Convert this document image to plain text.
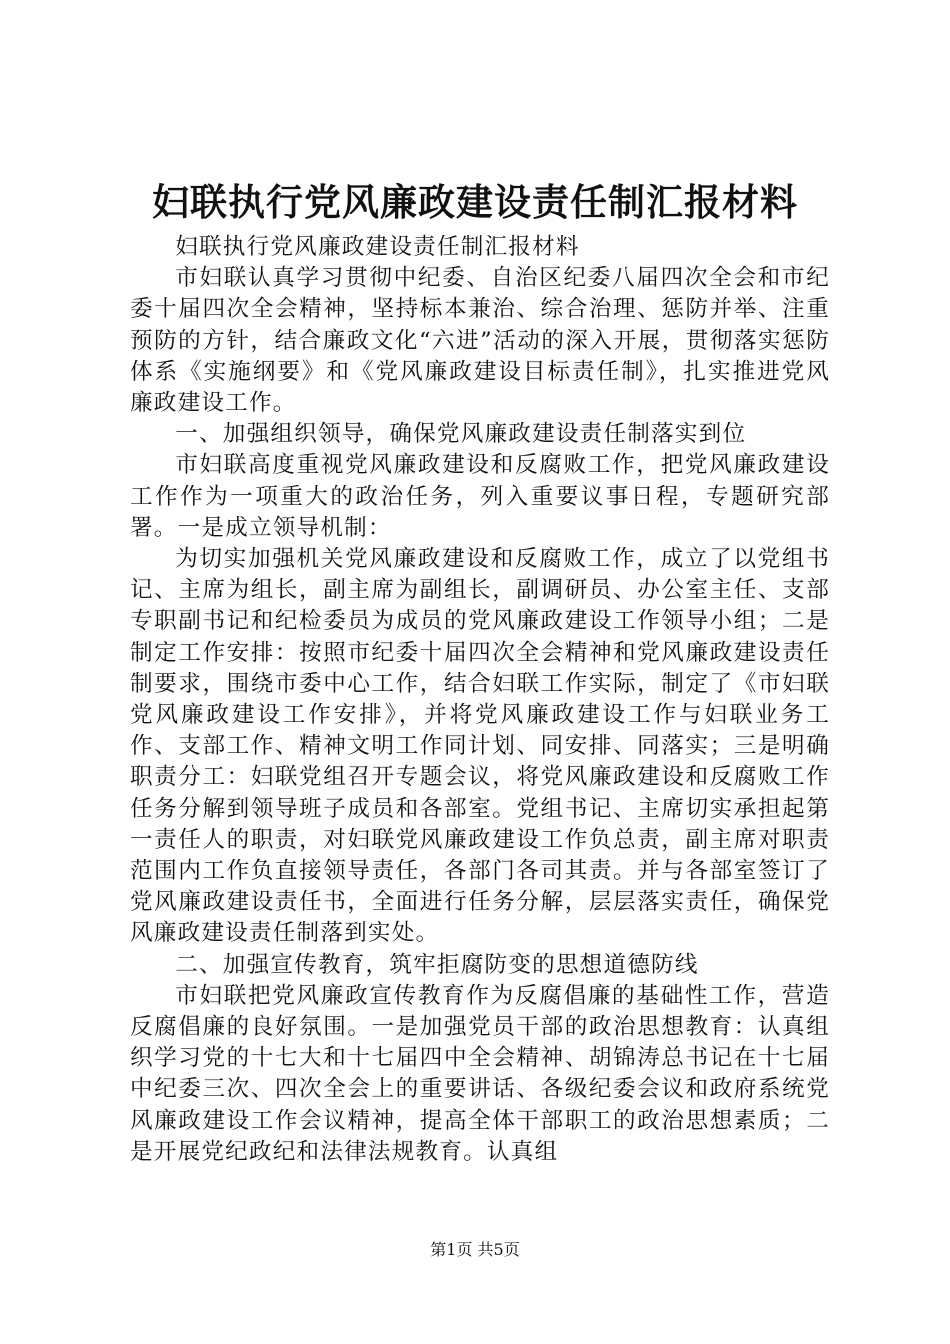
妇联执行党风廉政建设责任制汇报材料

妇联执行党风廉政建设责任制汇报材料

市妇联认真学习贯彻中纪委、自治区纪委八届四次全会和市纪委十届四次全会精神，坚持标本兼治、综合治理、惩防并举、注重预防的方针，结合廉政文化“六进”活动的深入开展，贯彻落实惩防体系《实施纲要》和《党风廉政建设目标责任制》，扎实推进党风廉政建设工作。

一、加强组织领导，确保党风廉政建设责任制落实到位

市妇联高度重视党风廉政建设和反腐败工作，把党风廉政建设工作作为一项重大的政治任务，列入重要议事日程，专题研究部署。一是成立领导机制：

为切实加强机关党风廉政建设和反腐败工作，成立了以党组书记、主席为组长，副主席为副组长，副调研员、办公室主任、支部专职副书记和纪检委员为成员的党风廉政建设工作领导小组；二是制定工作安排：按照市纪委十届四次全会精神和党风廉政建设责任制要求，围绕市委中心工作，结合妇联工作实际，制定了《市妇联党风廉政建设工作安排》，并将党风廉政建设工作与妇联业务工作、支部工作、精神文明工作同计划、同安排、同落实；三是明确职责分工：妇联党组召开专题会议，将党风廉政建设和反腐败工作任务分解到领导班子成员和各部室。党组书记、主席切实承担起第一责任人的职责，对妇联党风廉政建设工作负总责，副主席对职责范围内工作负直接领导责任，各部门各司其责。并与各部室签订了党风廉政建设责任书，全面进行任务分解，层层落实责任，确保党风廉政建设责任制落到实处。

二、加强宣传教育，筑牢拒腐防变的思想道德防线

市妇联把党风廉政宣传教育作为反腐倡廉的基础性工作，营造反腐倡廉的良好氛围。一是加强党员干部的政治思想教育：认真组织学习党的十七大和十七届四中全会精神、胡锦涛总书记在十七届中纪委三次、四次全会上的重要讲话、各级纪委会议和政府系统党风廉政建设工作会议精神，提高全体干部职工的政治思想素质；二是开展党纪政纪和法律法规教育。认真组

第1页 共5页
